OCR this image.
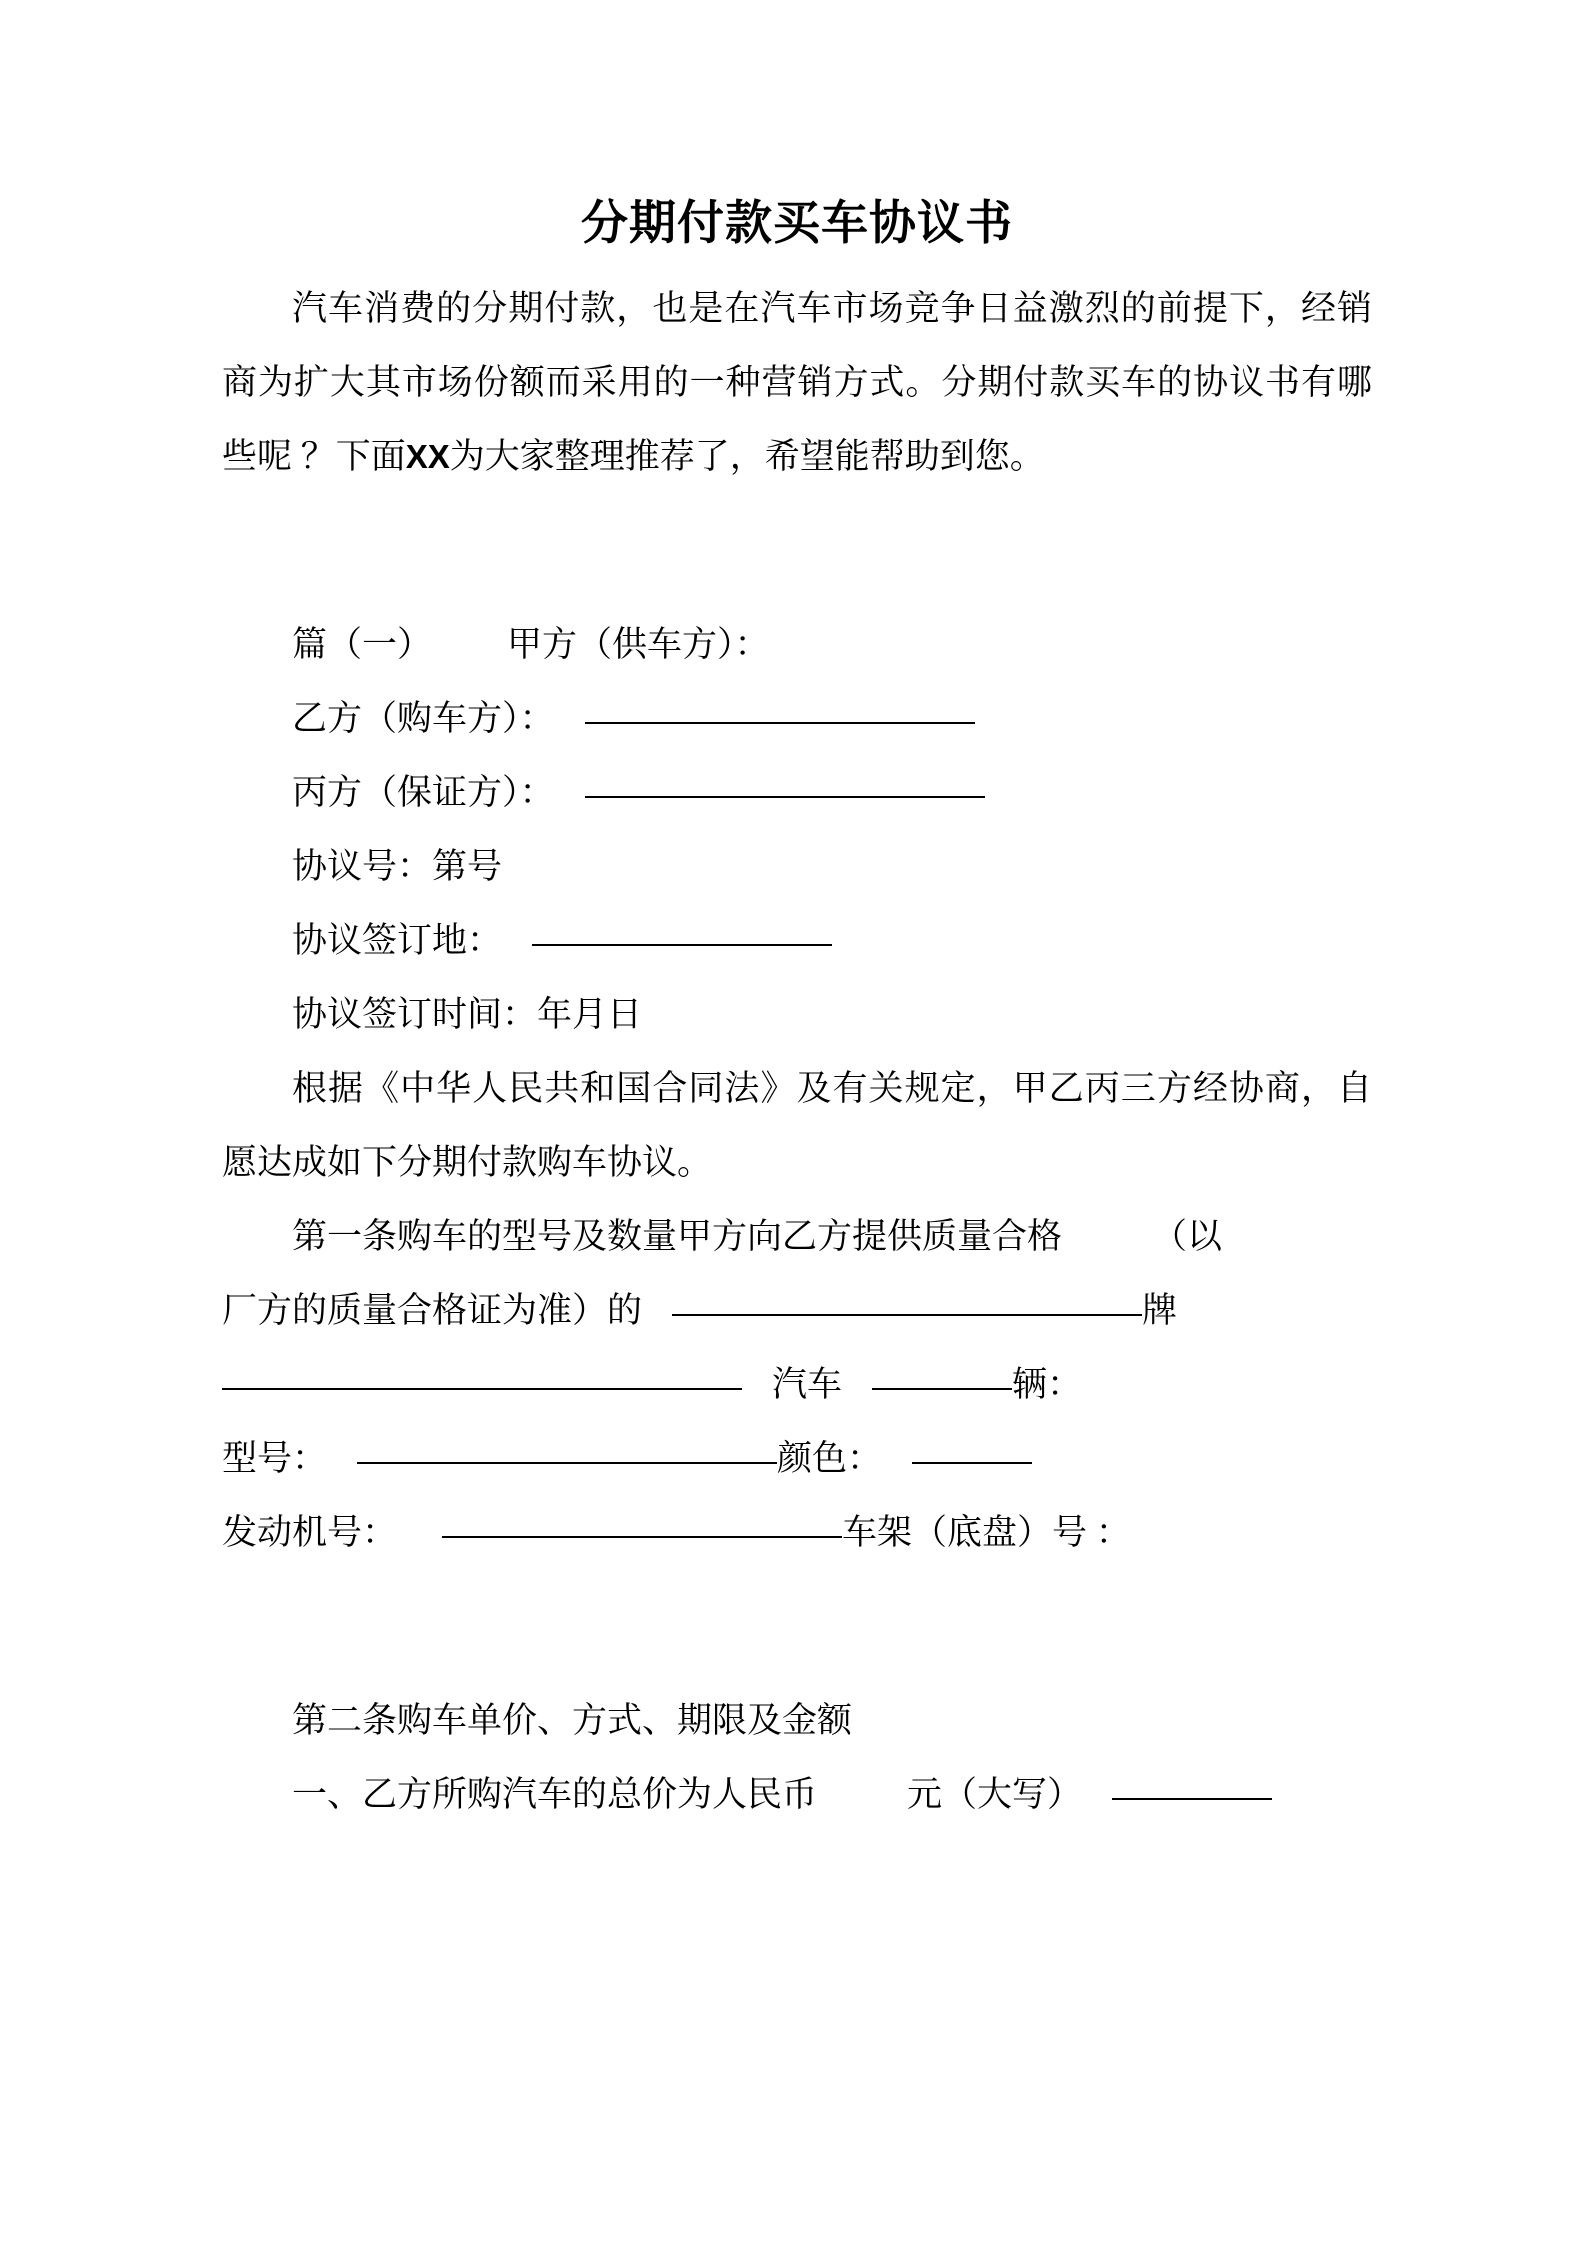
分期付款买车协议书

汽车消费的分期付款，也是在汽车市场竞争日益激烈的前提下，经销商为扩大其市场份额而采用的一种营销方式。分期付款买车的协议书有哪些呢 ？下面XX为大家整理推荐了，希望能帮助到您。

篇（一） 甲方（供车方）：

乙方（购车方）：

丙方（保证方）：

协议号：第号

协议签订地：

协议签订时间：年月日

根据《中华人民共和国合同法》及有关规定，甲乙丙三方经协商，自愿达成如下分期付款购车协议。

第一条购车的型号及数量甲方向乙方提供质量合格	（以

厂方的质量合格证为准）的	牌

汽车	辆：

型号：	颜色：

发动机号：	车架（底盘）号 ：

第二条购车单价、方式、期限及金额

一、乙方所购汽车的总价为人民币	元（大写）
